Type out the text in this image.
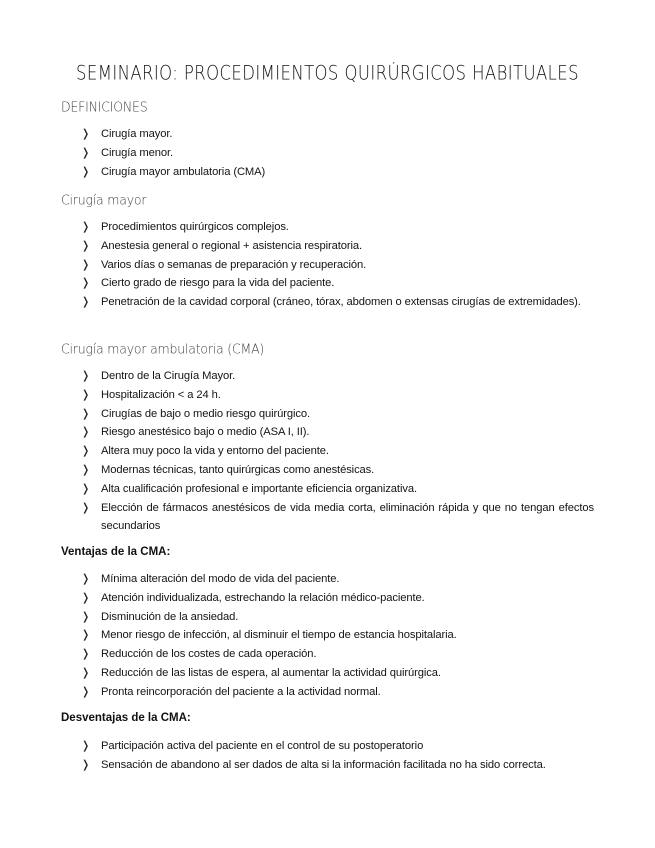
SEMINARIO: PROCEDIMIENTOS QUIRÚRGICOS HABITUALES
DEFINICIONES
❭ Cirugía mayor.
❭ Cirugía menor.
❭ Cirugía mayor ambulatoria (CMA)
Cirugía mayor
❭ Procedimientos quirúrgicos complejos.
❭ Anestesia general o regional + asistencia respiratoria.
❭ Varios días o semanas de preparación y recuperación.
❭ Cierto grado de riesgo para la vida del paciente.
❭ Penetración de la cavidad corporal (cráneo, tórax, abdomen o extensas cirugías de extremidades).
Cirugía mayor ambulatoria (CMA)
❭ Dentro de la Cirugía Mayor.
❭ Hospitalización < a 24 h.
❭ Cirugías de bajo o medio riesgo quirúrgico.
❭ Riesgo anestésico bajo o medio (ASA I, II).
❭ Altera muy poco la vida y entorno del paciente.
❭ Modernas técnicas, tanto quirúrgicas como anestésicas.
❭ Alta cualificación profesional e importante eficiencia organizativa.
❭ Elección de fármacos anestésicos de vida media corta, eliminación rápida y que no tengan efectos secundarios
Ventajas de la CMA:
❭ Mínima alteración del modo de vida del paciente.
❭ Atención individualizada, estrechando la relación médico-paciente.
❭ Disminución de la ansiedad.
❭ Menor riesgo de infección, al disminuir el tiempo de estancia hospitalaria.
❭ Reducción de los costes de cada operación.
❭ Reducción de las listas de espera, al aumentar la actividad quirúrgica.
❭ Pronta reincorporación del paciente a la actividad normal.
Desventajas de la CMA:
❭ Participación activa del paciente en el control de su postoperatorio
❭ Sensación de abandono al ser dados de alta si la información facilitada no ha sido correcta.
